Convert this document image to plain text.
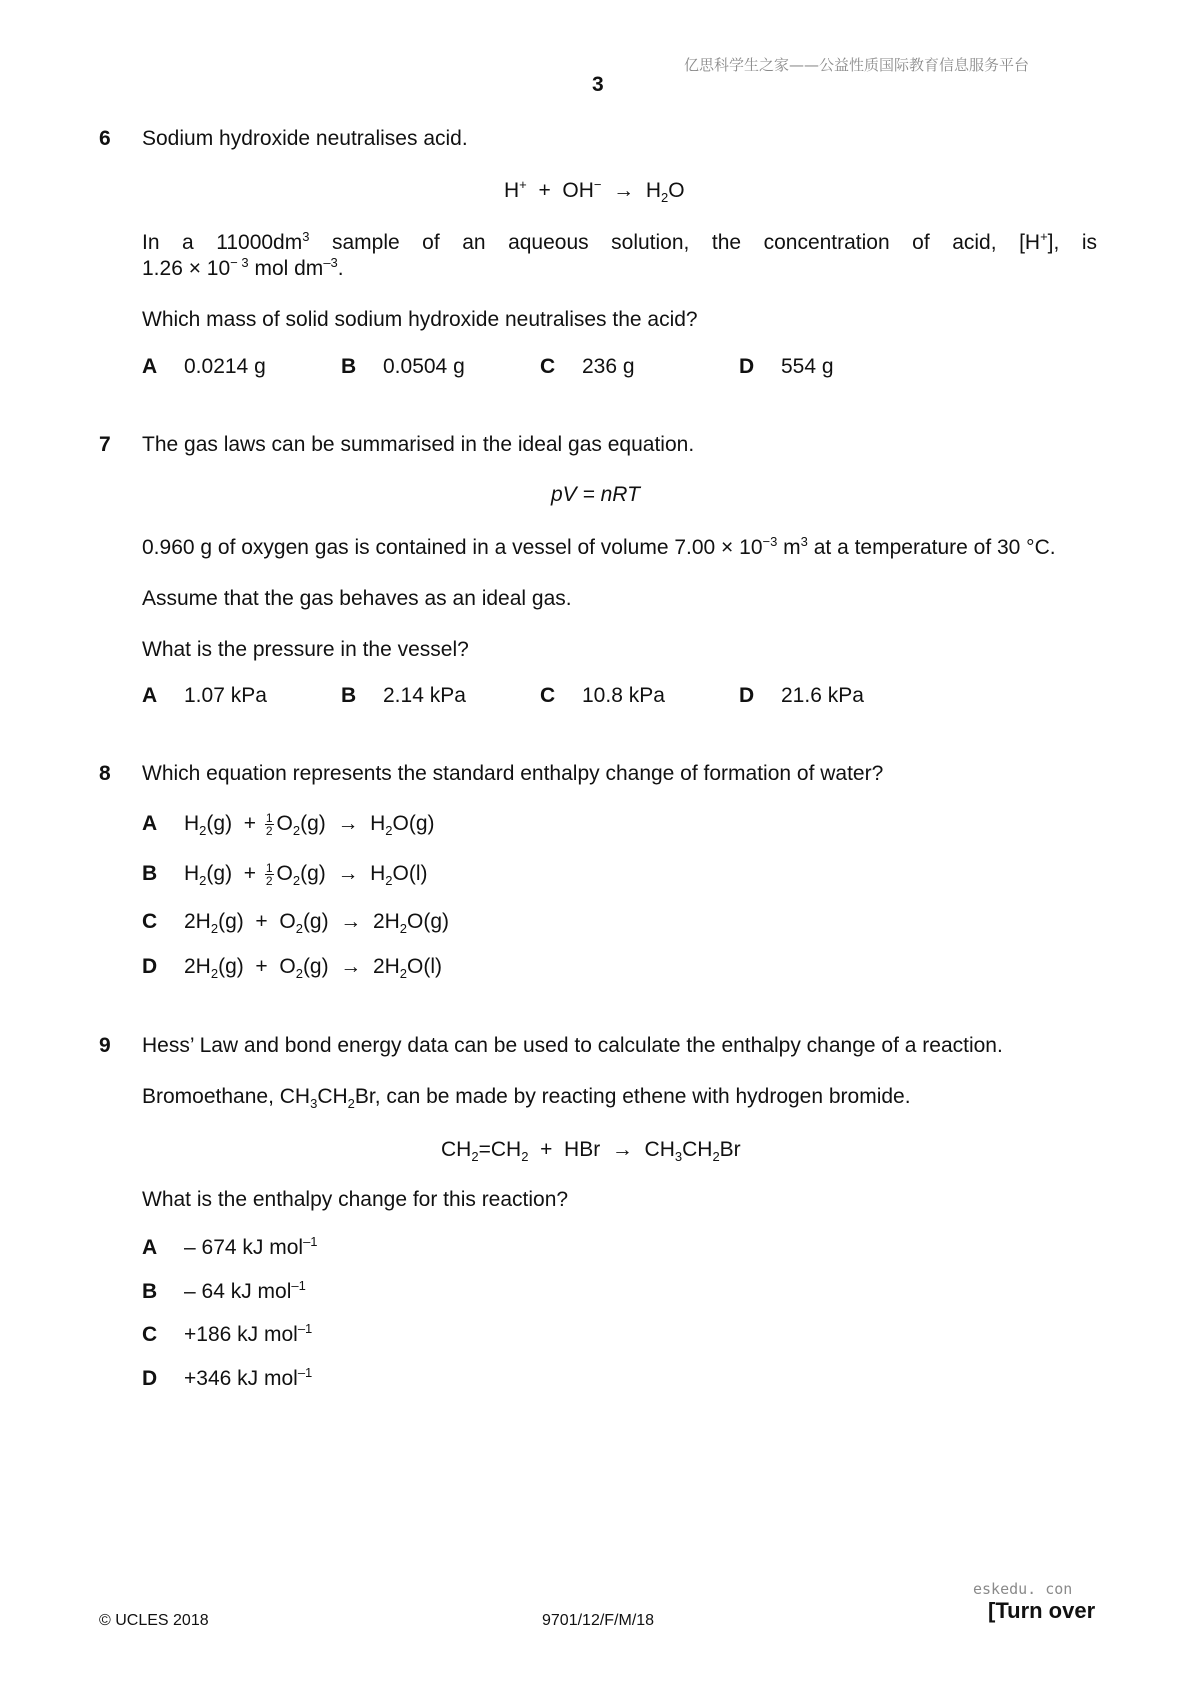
亿思科学生之家——公益性质国际教育信息服务平台
3
6 Sodium hydroxide neutralises acid.
$H^+ + OH^- \to H_2O$
In a $11000dm^3$ sample of an aqueous solution, the concentration of acid, [H+], is
$1.26 \times 10^{- 3}$ mol $dm^{-3}$.
Which mass of solid sodium hydroxide neutralises the acid?
A 0.0214 g	B 0.0504 g	C 236 g	D 554 g
7 The gas laws can be summarised in the ideal gas equation.
pV = nRT
0.960 g of oxygen gas is contained in a vessel of volume $7.00 \times 10^{-3}$ $m^3$ at a temperature of 30 °C.
Assume that the gas behaves as an ideal gas.
What is the pressure in the vessel?
A 1.07 kPa	B 2.14 kPa	C 10.8 kPa	D 21.6 kPa
8 Which equation represents the standard enthalpy change of formation of water?
A $H_2(g) + \frac{1}{2} O_2(g) \to H_2O(g)$
B $H_2(g) + \frac{1}{2} O_2(g) \to H_2O(l)$
C $2H_2(g) + O_2(g) \to 2H_2O(g)$
D $2H_2(g) + O_2(g) \to 2H_2O(l)$
9 Hess’ Law and bond energy data can be used to calculate the enthalpy change of a reaction.
Bromoethane, $CH_3CH_2Br$, can be made by reacting ethene with hydrogen bromide.
$CH_2=CH_2$  +  HBr  →  $CH_3CH_2Br$
What is the enthalpy change for this reaction?
A – 674 kJ mol$^{-1}$
B – 64 kJ mol$^{-1}$
C +186 kJ mol$^{-1}$
D +346 kJ mol$^{-1}$
eskedu. con
© UCLES 2018	9701/12/F/M/18	[Turn over
